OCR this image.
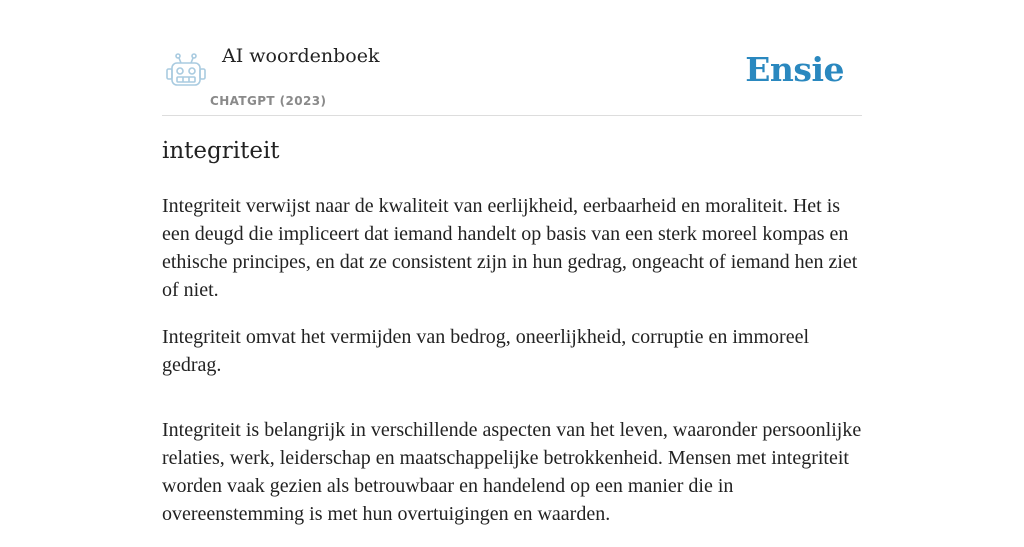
AI woordenboek
CHATGPT (2023)
Ensie
integriteit

Integriteit verwijst naar de kwaliteit van eerlijkheid, eerbaarheid en moraliteit. Het is een deugd die impliceert dat iemand handelt op basis van een sterk moreel kompas en ethische principes, en dat ze consistent zijn in hun gedrag, ongeacht of iemand hen ziet of niet.

Integriteit omvat het vermijden van bedrog, oneerlijkheid, corruptie en immoreel gedrag.

Integriteit is belangrijk in verschillende aspecten van het leven, waaronder persoonlijke relaties, werk, leiderschap en maatschappelijke betrokkenheid. Mensen met integriteit worden vaak gezien als betrouwbaar en handelend op een manier die in overeenstemming is met hun overtuigingen en waarden.
